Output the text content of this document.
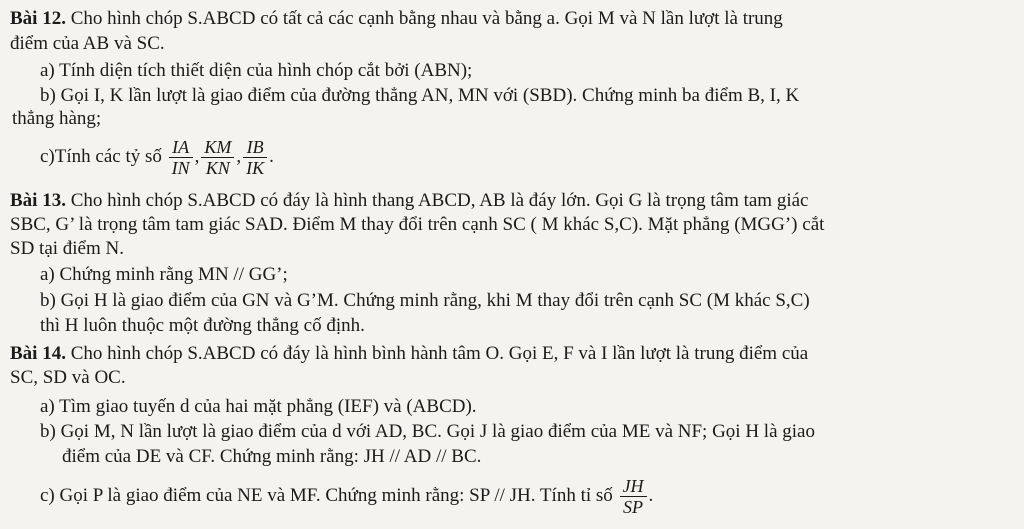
Bài 12. Cho hình chóp S.ABCD có tất cả các cạnh bằng nhau và bằng a. Gọi M và N lần lượt là trung
điểm của AB và SC.
a) Tính diện tích thiết diện của hình chóp cắt bởi (ABN);
b) Gọi I, K lần lượt là giao điểm của đường thẳng AN, MN với (SBD). Chứng minh ba điểm B, I, K
thẳng hàng;
c)Tính các tỷ số $\frac{IA}{IN}$ , $\frac{KM}{KN}$ , $\frac{IB}{IK}$ .
Bài 13. Cho hình chóp S.ABCD có đáy là hình thang ABCD, AB là đáy lớn. Gọi G là trọng tâm tam giác
SBC, G’ là trọng tâm tam giác SAD. Điểm M thay đổi trên cạnh SC ( M khác S,C). Mặt phẳng (MGG’) cắt
SD tại điểm N.
a) Chứng minh rằng MN // GG’;
b) Gọi H là giao điểm của GN và G’M. Chứng minh rằng, khi M thay đổi trên cạnh SC (M khác S,C)
thì H luôn thuộc một đường thẳng cố định.
Bài 14. Cho hình chóp S.ABCD có đáy là hình bình hành tâm O. Gọi E, F và I lần lượt là trung điểm của
SC, SD và OC.
a) Tìm giao tuyến d của hai mặt phẳng (IEF) và (ABCD).
b) Gọi M, N lần lượt là giao điểm của d với AD, BC. Gọi J là giao điểm của ME và NF; Gọi H là giao
điểm của DE và CF. Chứng minh rằng: JH // AD // BC.
c) Gọi P là giao điểm của NE và MF. Chứng minh rằng: SP // JH. Tính tỉ số $\frac{JH}{SP}$ .
